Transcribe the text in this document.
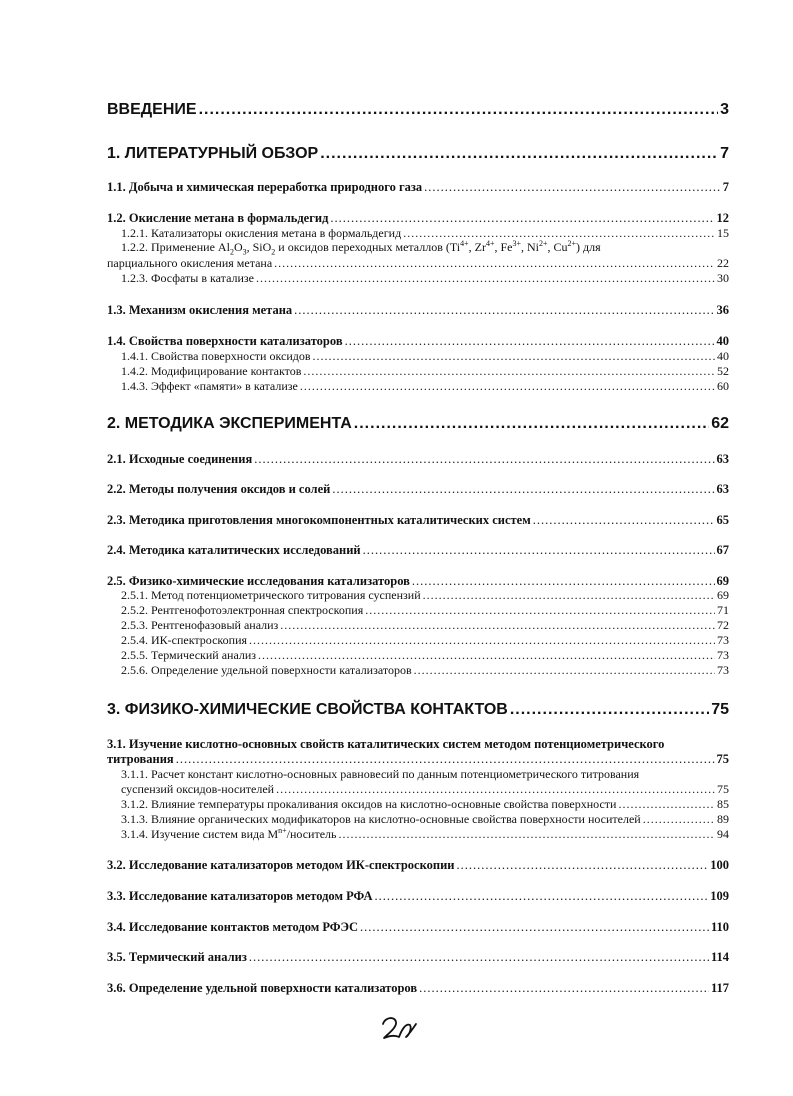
ВВЕДЕНИЕ .....	3
1. ЛИТЕРАТУРНЫЙ ОБЗОР .....	7
1.1. Добыча и химическая переработка природного газа .....	7
1.2. Окисление метана в формальдегид .....	12
1.2.1. Катализаторы окисления метана в формальдегид .....	15
1.2.2. Применение $Al_2O_3$, SiO$_2$ и оксидов переходных металлов ($Ti^{4+}$, $Zr^{4+}$, $Fe^{3+}$, $Ni^{2+}$, $Cu^{2+}$) для
парциального окисления метана .....	22
1.2.3. Фосфаты в катализе .....	30
1.3. Механизм окисления метана .....	36
1.4. Свойства поверхности катализаторов .....	40
1.4.1. Свойства поверхности оксидов .....	40
1.4.2. Модифицирование контактов .....	52
1.4.3. Эффект «памяти» в катализе .....	60
2. МЕТОДИКА ЭКСПЕРИМЕНТА .....	62
2.1. Исходные соединения .....	63
2.2. Методы получения оксидов и солей .....	63
2.3. Методика приготовления многокомпонентных каталитических систем .....	65
2.4. Методика каталитических исследований .....	67
2.5. Физико-химические исследования катализаторов .....	69
2.5.1. Метод потенциометрического титрования суспензий .....	69
2.5.2. Рентгенофотоэлектронная спектроскопия .....	71
2.5.3. Рентгенофазовый анализ .....	72
2.5.4. ИК-спектроскопия .....	73
2.5.5. Термический анализ .....	73
2.5.6. Определение удельной поверхности катализаторов .....	73
3. ФИЗИКО-ХИМИЧЕСКИЕ СВОЙСТВА КОНТАКТОВ .....	75
3.1. Изучение кислотно-основных свойств каталитических систем методом потенциометрического
титрования .....	75
3.1.1. Расчет констант кислотно-основных равновесий по данным потенциометрического титрования
суспензий оксидов-носителей .....	75
3.1.2. Влияние температуры прокаливания оксидов на кислотно-основные свойства поверхности .....	85
3.1.3. Влияние органических модификаторов на кислотно-основные свойства поверхности носителей .....	89
3.1.4. Изучение систем вида $M^{n+}$/носитель .....	94
3.2. Исследование катализаторов методом ИК-спектроскопии .....	100
3.3. Исследование катализаторов методом РФА .....	109
3.4. Исследование контактов методом РФЭС .....	110
3.5. Термический анализ .....	114
3.6. Определение удельной поверхности катализаторов .....	117
